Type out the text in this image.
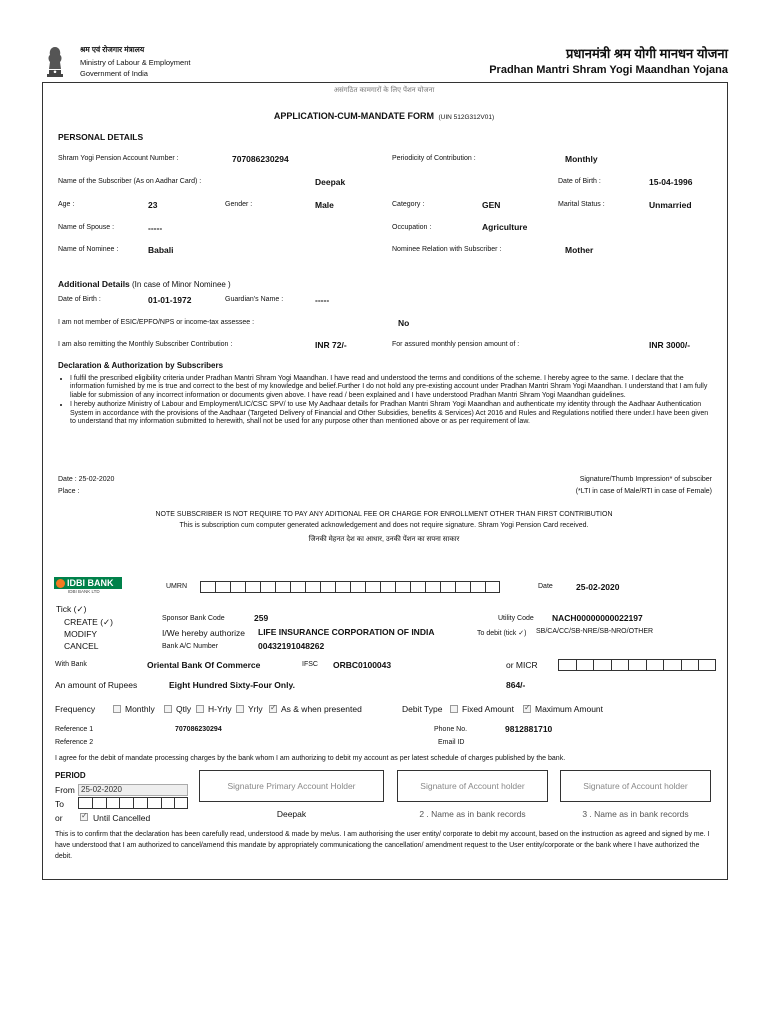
श्रम एवं रोजगार मंत्रालय
Ministry of Labour & Employment
Government of India
प्रधानमंत्री श्रम योगी मानधन योजना
Pradhan Mantri Shram Yogi Maandhan Yojana
असंगठित कामगारों के लिए पेंशन योजना
APPLICATION-CUM-MANDATE FORM (UIN 512G312V01)
PERSONAL DETAILS
Shram Yogi Pension Account Number :	707086230294	Periodicity of Contribution :	Monthly
Name of the Subscriber (As on Aadhar Card) :	Deepak	Date of Birth :	15-04-1996
Age :	23	Gender :	Male	Category :	GEN	Marital Status :	Unmarried
Name of Spouse :	-----	Occupation :	Agriculture
Name of Nominee :	Babali	Nominee Relation with Subscriber :	Mother
Additional Details (In case of Minor Nominee )
Date of Birth :	01-01-1972	Guardian's Name :	-----
I am not member of ESIC/EPFO/NPS or income-tax assessee :	No
I am also remitting the Monthly Subscriber Contribution :	INR 72/-	For assured monthly pension amount of :	INR 3000/-
Declaration & Authorization by Subscribers
• I fulfil the prescribed eligibility criteria under Pradhan Mantri Shram Yogi Maandhan. I have read and understood the terms and conditions of the scheme. I hereby agree to the same. I declare that the information furnished by me is true and correct to the best of my knowledge and belief.Further I do not hold any pre-existing account under Pradhan Mantri Shram Yogi Maandhan. I understand that I am fully liable for submission of any incorrect information or documents given above. I have read / been explained and I have understood Pradhan Mantri Shram Yogi Maandhan guidelines.
• I hereby authorize Ministry of Labour and Employment/LIC/CSC SPV/ to use My Aadhaar details for Pradhan Mantri Shram Yogi Maandhan and authenticate my identity through the Aadhaar Authentication System in accordance with the provisions of the Aadhaar (Targeted Delivery of Financial and Other Subsidies, benefits & Services) Act 2016 and Rules and Regulations notified there under.I have been given to understand that my information submitted to herewith, shall not be used for any purpose other than mentioned above or as per requirement of law.
Date : 25-02-2020
Place :
Signature/Thumb Impression* of subsciber
(*LTI in case of Male/RTI in case of Female)
NOTE SUBSCRIBER IS NOT REQUIRE TO PAY ANY ADITIONAL FEE OR CHARGE FOR ENROLLMENT OTHER THAN FIRST CONTRIBUTION
This is subscription cum computer generated acknowledgement and does not require signature. Shram Yogi Pension Card received.
जिनकी मेहनत देश का आधार, उनकी पेंशन का सपना साकार
IDBI BANK
IDBI BANK LTD
UMRN	Date	25-02-2020
Tick (✓)
CREATE (✓)
MODIFY
CANCEL
Sponsor Bank Code	259	Utility Code NACH00000000022197
I/We hereby authorize LIFE INSURANCE CORPORATION OF INDIA	To debit (tick ✓) SB/CA/CC/SB-NRE/SB-NRO/OTHER
Bank A/C Number	00432191048262
With Bank	Oriental Bank Of Commerce	IFSC ORBC0100043	or MICR
An amount of Rupees	Eight Hundred Sixty-Four Only.	864/-
Frequency	Monthly Qtly H-Yrly Yrly ✓ As & when presented	Debit Type Fixed Amount ✓ Maximum Amount
Reference 1	707086230294
Reference 2
Phone No.	9812881710
Email ID
I agree for the debit of mandate processing charges by the bank whom I am authorizing to debit my account as per latest schedule of charges published by the bank.
PERIOD
From 25-02-2020
To
or ✓	Until Cancelled
Signature Primary Account Holder	Signature of Account holder	Signature of Account holder
Deepak	2 . Name as in bank records	3 . Name as in bank records
This is to confirm that the declaration has been carefully read, understood & made by me/us. I am authorising the user entity/ corporate to debit my account, based on the instruction as agreed and signed by me. I have understood that I am authorized to cancel/amend this mandate by appropriately communicationg the cancellation/ amendment request to the User entity/corporate or the bank where I have authorized the debit.
